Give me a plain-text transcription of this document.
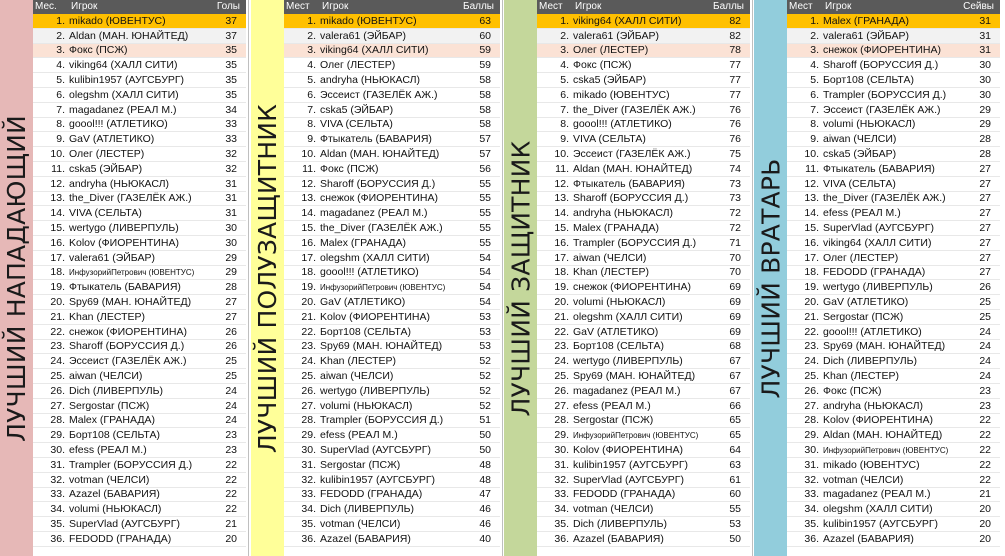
ЛУЧШИЙ НАПАДАЮЩИЙ
Мес. Игрок	Голы
1. mikado (ЮВЕНТУС)	37
2. Aldan (МАН. ЮНАЙТЕД)	37
3. Фокс (ПСЖ)	35
4. viking64 (ХАЛЛ СИТИ)	35
5. kulibin1957 (АУГСБУРГ)	35
6. olegshm (ХАЛЛ СИТИ)	35
7. magadanez (РЕАЛ М.)	34
8. goool!!! (АТЛЕТИКО)	33
9. GaV (АТЛЕТИКО)	33
10. Олег (ЛЕСТЕР)	32
11. cska5 (ЭЙБАР)	32
12. andryha (НЬЮКАСЛ)	31
13. the_Diver (ГАЗЕЛЁК АЖ.)	31
14. VIVA (СЕЛЬТА)	31
15. wertygo (ЛИВЕРПУЛЬ)	30
16. Kolov (ФИОРЕНТИНА)	30
17. valera61 (ЭЙБАР)	29
18. ИнфузорийПетрович (ЮВЕНТУС)	29
19. Фтыкатель (БАВАРИЯ)	28
20. Spy69 (МАН. ЮНАЙТЕД)	27
21. Khan (ЛЕСТЕР)	27
22. снежок (ФИОРЕНТИНА)	26
23. Sharoff (БОРУССИЯ Д.)	26
24. Эссеист (ГАЗЕЛЁК АЖ.)	25
25. aiwan (ЧЕЛСИ)	25
26. Dich (ЛИВЕРПУЛЬ)	24
27. Sergostar (ПСЖ)	24
28. Malex (ГРАНАДА)	24
29. Борт108 (СЕЛЬТА)	23
30. efess (РЕАЛ М.)	23
31. Trampler (БОРУССИЯ Д.)	22
32. votman (ЧЕЛСИ)	22
33. Azazel (БАВАРИЯ)	22
34. volumi (НЬЮКАСЛ)	22
35. SuperVlad (АУГСБУРГ)	21
36. FEDODD (ГРАНАДА)	20
ЛУЧШИЙ ПОЛУЗАЩИТНИК
Мест Игрок	Баллы
1. mikado (ЮВЕНТУС)	63
2. valera61 (ЭЙБАР)	60
3. viking64 (ХАЛЛ СИТИ)	59
4. Олег (ЛЕСТЕР)	59
5. andryha (НЬЮКАСЛ)	58
6. Эссеист (ГАЗЕЛЁК АЖ.)	58
7. cska5 (ЭЙБАР)	58
8. VIVA (СЕЛЬТА)	58
9. Фтыкатель (БАВАРИЯ)	57
10. Aldan (МАН. ЮНАЙТЕД)	57
11. Фокс (ПСЖ)	56
12. Sharoff (БОРУССИЯ Д.)	55
13. снежок (ФИОРЕНТИНА)	55
14. magadanez (РЕАЛ М.)	55
15. the_Diver (ГАЗЕЛЁК АЖ.)	55
16. Malex (ГРАНАДА)	55
17. olegshm (ХАЛЛ СИТИ)	54
18. goool!!! (АТЛЕТИКО)	54
19. ИнфузорийПетрович (ЮВЕНТУС)	54
20. GaV (АТЛЕТИКО)	54
21. Kolov (ФИОРЕНТИНА)	53
22. Борт108 (СЕЛЬТА)	53
23. Spy69 (МАН. ЮНАЙТЕД)	53
24. Khan (ЛЕСТЕР)	52
25. aiwan (ЧЕЛСИ)	52
26. wertygo (ЛИВЕРПУЛЬ)	52
27. volumi (НЬЮКАСЛ)	52
28. Trampler (БОРУССИЯ Д.)	51
29. efess (РЕАЛ М.)	50
30. SuperVlad (АУГСБУРГ)	50
31. Sergostar (ПСЖ)	48
32. kulibin1957 (АУГСБУРГ)	48
33. FEDODD (ГРАНАДА)	47
34. Dich (ЛИВЕРПУЛЬ)	46
35. votman (ЧЕЛСИ)	46
36. Azazel (БАВАРИЯ)	40
ЛУЧШИЙ ЗАЩИТНИК
Мест Игрок	Баллы
1. viking64 (ХАЛЛ СИТИ)	82
2. valera61 (ЭЙБАР)	82
3. Олег (ЛЕСТЕР)	78
4. Фокс (ПСЖ)	77
5. cska5 (ЭЙБАР)	77
6. mikado (ЮВЕНТУС)	77
7. the_Diver (ГАЗЕЛЁК АЖ.)	76
8. goool!!! (АТЛЕТИКО)	76
9. VIVA (СЕЛЬТА)	76
10. Эссеист (ГАЗЕЛЁК АЖ.)	75
11. Aldan (МАН. ЮНАЙТЕД)	74
12. Фтыкатель (БАВАРИЯ)	73
13. Sharoff (БОРУССИЯ Д.)	73
14. andryha (НЬЮКАСЛ)	72
15. Malex (ГРАНАДА)	72
16. Trampler (БОРУССИЯ Д.)	71
17. aiwan (ЧЕЛСИ)	70
18. Khan (ЛЕСТЕР)	70
19. снежок (ФИОРЕНТИНА)	69
20. volumi (НЬЮКАСЛ)	69
21. olegshm (ХАЛЛ СИТИ)	69
22. GaV (АТЛЕТИКО)	69
23. Борт108 (СЕЛЬТА)	68
24. wertygo (ЛИВЕРПУЛЬ)	67
25. Spy69 (МАН. ЮНАЙТЕД)	67
26. magadanez (РЕАЛ М.)	67
27. efess (РЕАЛ М.)	66
28. Sergostar (ПСЖ)	65
29. ИнфузорийПетрович (ЮВЕНТУС)	65
30. Kolov (ФИОРЕНТИНА)	64
31. kulibin1957 (АУГСБУРГ)	63
32. SuperVlad (АУГСБУРГ)	61
33. FEDODD (ГРАНАДА)	60
34. votman (ЧЕЛСИ)	55
35. Dich (ЛИВЕРПУЛЬ)	53
36. Azazel (БАВАРИЯ)	50
ЛУЧШИЙ ВРАТАРЬ
Мест Игрок	Сейвы
1. Malex (ГРАНАДА)	31
2. valera61 (ЭЙБАР)	31
3. снежок (ФИОРЕНТИНА)	31
4. Sharoff (БОРУССИЯ Д.)	30
5. Борт108 (СЕЛЬТА)	30
6. Trampler (БОРУССИЯ Д.)	30
7. Эссеист (ГАЗЕЛЁК АЖ.)	29
8. volumi (НЬЮКАСЛ)	29
9. aiwan (ЧЕЛСИ)	28
10. cska5 (ЭЙБАР)	28
11. Фтыкатель (БАВАРИЯ)	27
12. VIVA (СЕЛЬТА)	27
13. the_Diver (ГАЗЕЛЁК АЖ.)	27
14. efess (РЕАЛ М.)	27
15. SuperVlad (АУГСБУРГ)	27
16. viking64 (ХАЛЛ СИТИ)	27
17. Олег (ЛЕСТЕР)	27
18. FEDODD (ГРАНАДА)	27
19. wertygo (ЛИВЕРПУЛЬ)	26
20. GaV (АТЛЕТИКО)	25
21. Sergostar (ПСЖ)	25
22. goool!!! (АТЛЕТИКО)	24
23. Spy69 (МАН. ЮНАЙТЕД)	24
24. Dich (ЛИВЕРПУЛЬ)	24
25. Khan (ЛЕСТЕР)	24
26. Фокс (ПСЖ)	23
27. andryha (НЬЮКАСЛ)	23
28. Kolov (ФИОРЕНТИНА)	22
29. Aldan (МАН. ЮНАЙТЕД)	22
30. ИнфузорийПетрович (ЮВЕНТУС)	22
31. mikado (ЮВЕНТУС)	22
32. votman (ЧЕЛСИ)	22
33. magadanez (РЕАЛ М.)	21
34. olegshm (ХАЛЛ СИТИ)	20
35. kulibin1957 (АУГСБУРГ)	20
36. Azazel (БАВАРИЯ)	20
